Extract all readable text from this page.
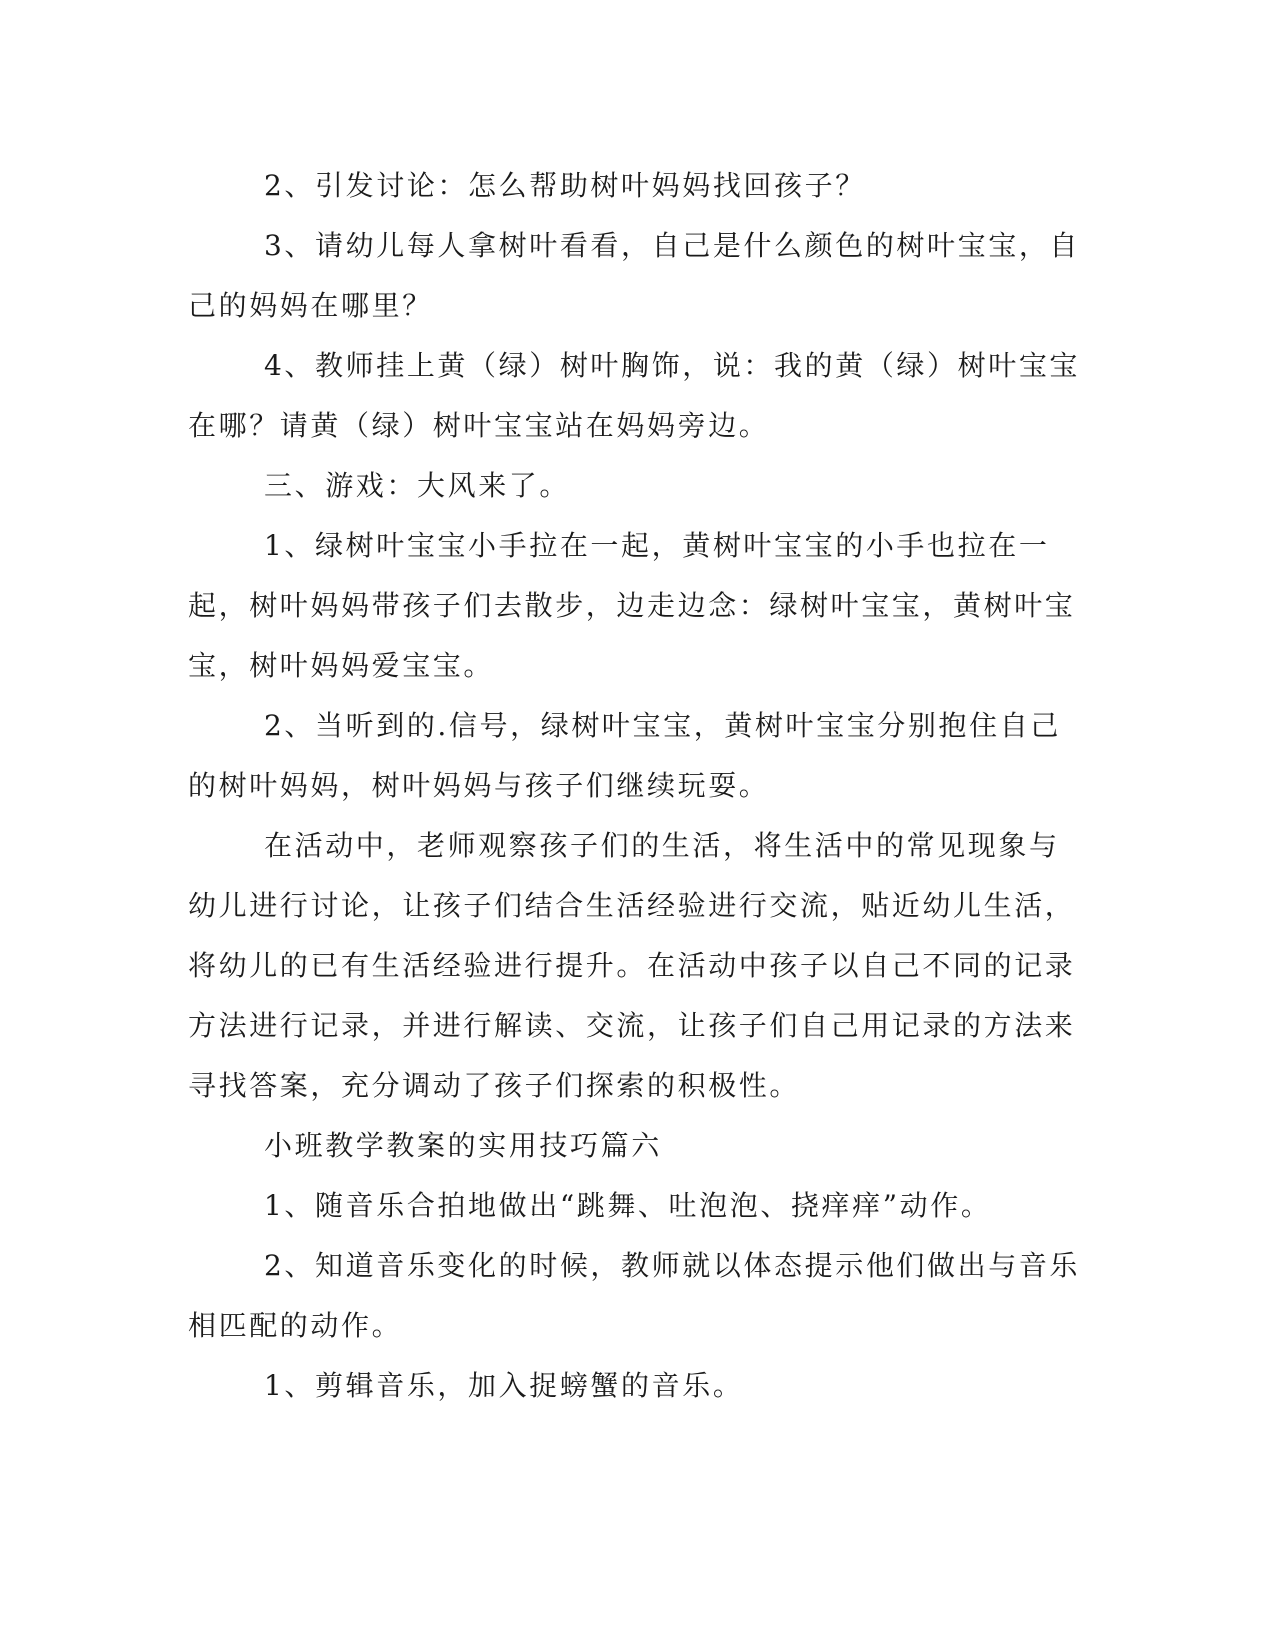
2、引发讨论：怎么帮助树叶妈妈找回孩子？

3、请幼儿每人拿树叶看看，自己是什么颜色的树叶宝宝，自己的妈妈在哪里？

4、教师挂上黄（绿）树叶胸饰，说：我的黄（绿）树叶宝宝在哪？请黄（绿）树叶宝宝站在妈妈旁边。

三、游戏：大风来了。

1、绿树叶宝宝小手拉在一起，黄树叶宝宝的小手也拉在一起，树叶妈妈带孩子们去散步，边走边念：绿树叶宝宝，黄树叶宝宝，树叶妈妈爱宝宝。

2、当听到的.信号，绿树叶宝宝，黄树叶宝宝分别抱住自己的树叶妈妈，树叶妈妈与孩子们继续玩耍。

在活动中，老师观察孩子们的生活，将生活中的常见现象与幼儿进行讨论，让孩子们结合生活经验进行交流，贴近幼儿生活，将幼儿的已有生活经验进行提升。在活动中孩子以自己不同的记录方法进行记录，并进行解读、交流，让孩子们自己用记录的方法来寻找答案，充分调动了孩子们探索的积极性。

小班教学教案的实用技巧篇六

1、随音乐合拍地做出“跳舞、吐泡泡、挠痒痒”动作。

2、知道音乐变化的时候，教师就以体态提示他们做出与音乐相匹配的动作。

1、剪辑音乐，加入捉螃蟹的音乐。
